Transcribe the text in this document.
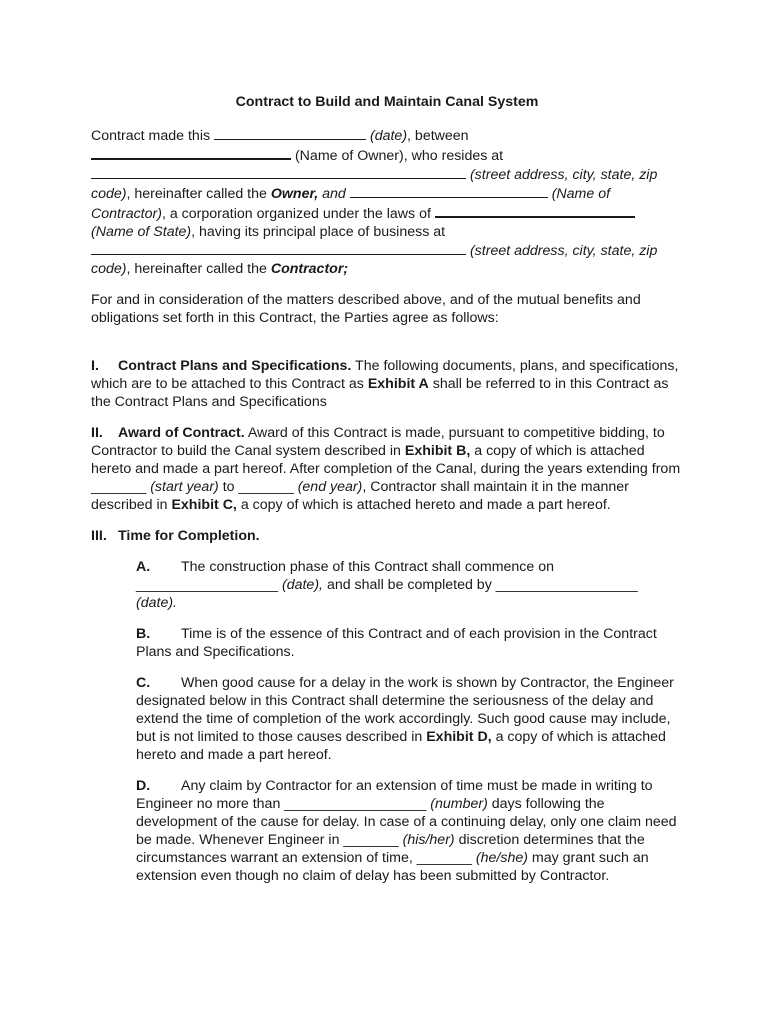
Contract to Build and Maintain Canal System

Contract made this	(date), between
(Name of Owner), who resides at
(street address, city, state, zip
code), hereinafter called the Owner, and	(Name of
Contractor), a corporation organized under the laws of
(Name of State), having its principal place of business at
(street address, city, state, zip
code), hereinafter called the Contractor;

For and in consideration of the matters described above, and of the mutual benefits and obligations set forth in this Contract, the Parties agree as follows:

I. Contract Plans and Specifications. The following documents, plans, and specifications, which are to be attached to this Contract as Exhibit A shall be referred to in this Contract as the Contract Plans and Specifications

II. Award of Contract. Award of this Contract is made, pursuant to competitive bidding, to Contractor to build the Canal system described in Exhibit B, a copy of which is attached hereto and made a part hereof. After completion of the Canal, during the years extending from _______ (start year) to _______ (end year), Contractor shall maintain it in the manner described in Exhibit C, a copy of which is attached hereto and made a part hereof.

III. Time for Completion.

A. The construction phase of this Contract shall commence on
__________________ (date), and shall be completed by __________________
(date).

B. Time is of the essence of this Contract and of each provision in the Contract Plans and Specifications.

C. When good cause for a delay in the work is shown by Contractor, the Engineer designated below in this Contract shall determine the seriousness of the delay and extend the time of completion of the work accordingly. Such good cause may include, but is not limited to those causes described in Exhibit D, a copy of which is attached hereto and made a part hereof.

D. Any claim by Contractor for an extension of time must be made in writing to Engineer no more than __________________ (number) days following the development of the cause for delay. In case of a continuing delay, only one claim need be made. Whenever Engineer in _______ (his/her) discretion determines that the circumstances warrant an extension of time, _______ (he/she) may grant such an extension even though no claim of delay has been submitted by Contractor.
